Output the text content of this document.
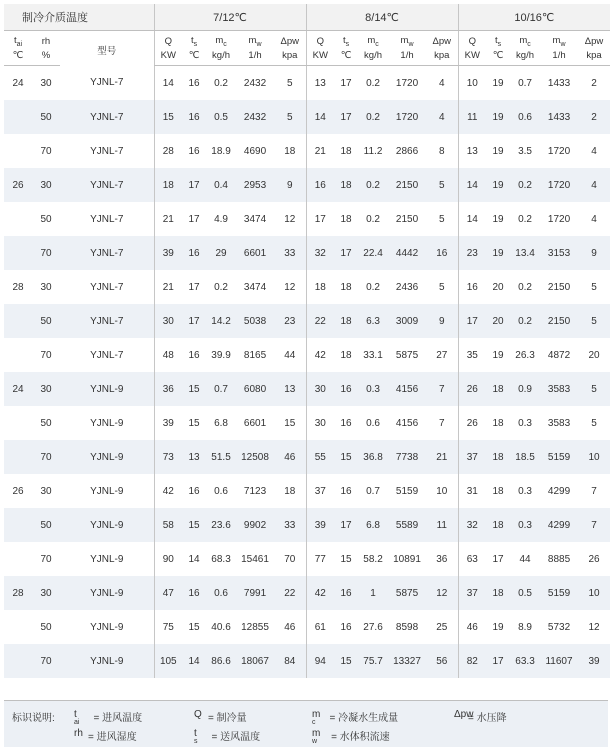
制冷介质温度			7/12℃					8/14℃					10/16℃				
$t_{ai}$	rh	型号	Q	$t_s$	$m_c$	$m_w$	Δpw	Q	$t_s$	$m_c$	$m_w$	Δpw	Q	$t_s$	$m_c$	$m_w$	Δpw
℃	%		KW	℃	kg/h	1/h	kpa	KW	℃	kg/h	1/h	kpa	KW	℃	kg/h	1/h	kpa
24	30	YJNL-7	14	16	0.2	2432	5	13	17	0.2	1720	4	10	19	0.7	1433	2
	50	YJNL-7	15	16	0.5	2432	5	14	17	0.2	1720	4	11	19	0.6	1433	2
	70	YJNL-7	28	16	18.9	4690	18	21	18	11.2	2866	8	13	19	3.5	1720	4
26	30	YJNL-7	18	17	0.4	2953	9	16	18	0.2	2150	5	14	19	0.2	1720	4
	50	YJNL-7	21	17	4.9	3474	12	17	18	0.2	2150	5	14	19	0.2	1720	4
	70	YJNL-7	39	16	29	6601	33	32	17	22.4	4442	16	23	19	13.4	3153	9
28	30	YJNL-7	21	17	0.2	3474	12	18	18	0.2	2436	5	16	20	0.2	2150	5
	50	YJNL-7	30	17	14.2	5038	23	22	18	6.3	3009	9	17	20	0.2	2150	5
	70	YJNL-7	48	16	39.9	8165	44	42	18	33.1	5875	27	35	19	26.3	4872	20
24	30	YJNL-9	36	15	0.7	6080	13	30	16	0.3	4156	7	26	18	0.9	3583	5
	50	YJNL-9	39	15	6.8	6601	15	30	16	0.6	4156	7	26	18	0.3	3583	5
	70	YJNL-9	73	13	51.5	12508	46	55	15	36.8	7738	21	37	18	18.5	5159	10
26	30	YJNL-9	42	16	0.6	7123	18	37	16	0.7	5159	10	31	18	0.3	4299	7
	50	YJNL-9	58	15	23.6	9902	33	39	17	6.8	5589	11	32	18	0.3	4299	7
	70	YJNL-9	90	14	68.3	15461	70	77	15	58.2	10891	36	63	17	44	8885	26
28	30	YJNL-9	47	16	0.6	7991	22	42	16	1	5875	12	37	18	0.5	5159	10
	50	YJNL-9	75	15	40.6	12855	46	61	16	27.6	8598	25	46	19	8.9	5732	12
	70	YJNL-9	105	14	86.6	18067	84	94	15	75.7	13327	56	82	17	63.3	11607	39
标识说明: t
$_{ai}$ = 进风温度
rh = 进风湿度
Q = 制冷量
t
$_s$ = 送风温度
m
$_c$ = 冷凝水生成量
m
$_w$ = 水体积流速
Δpw
= 水压降
